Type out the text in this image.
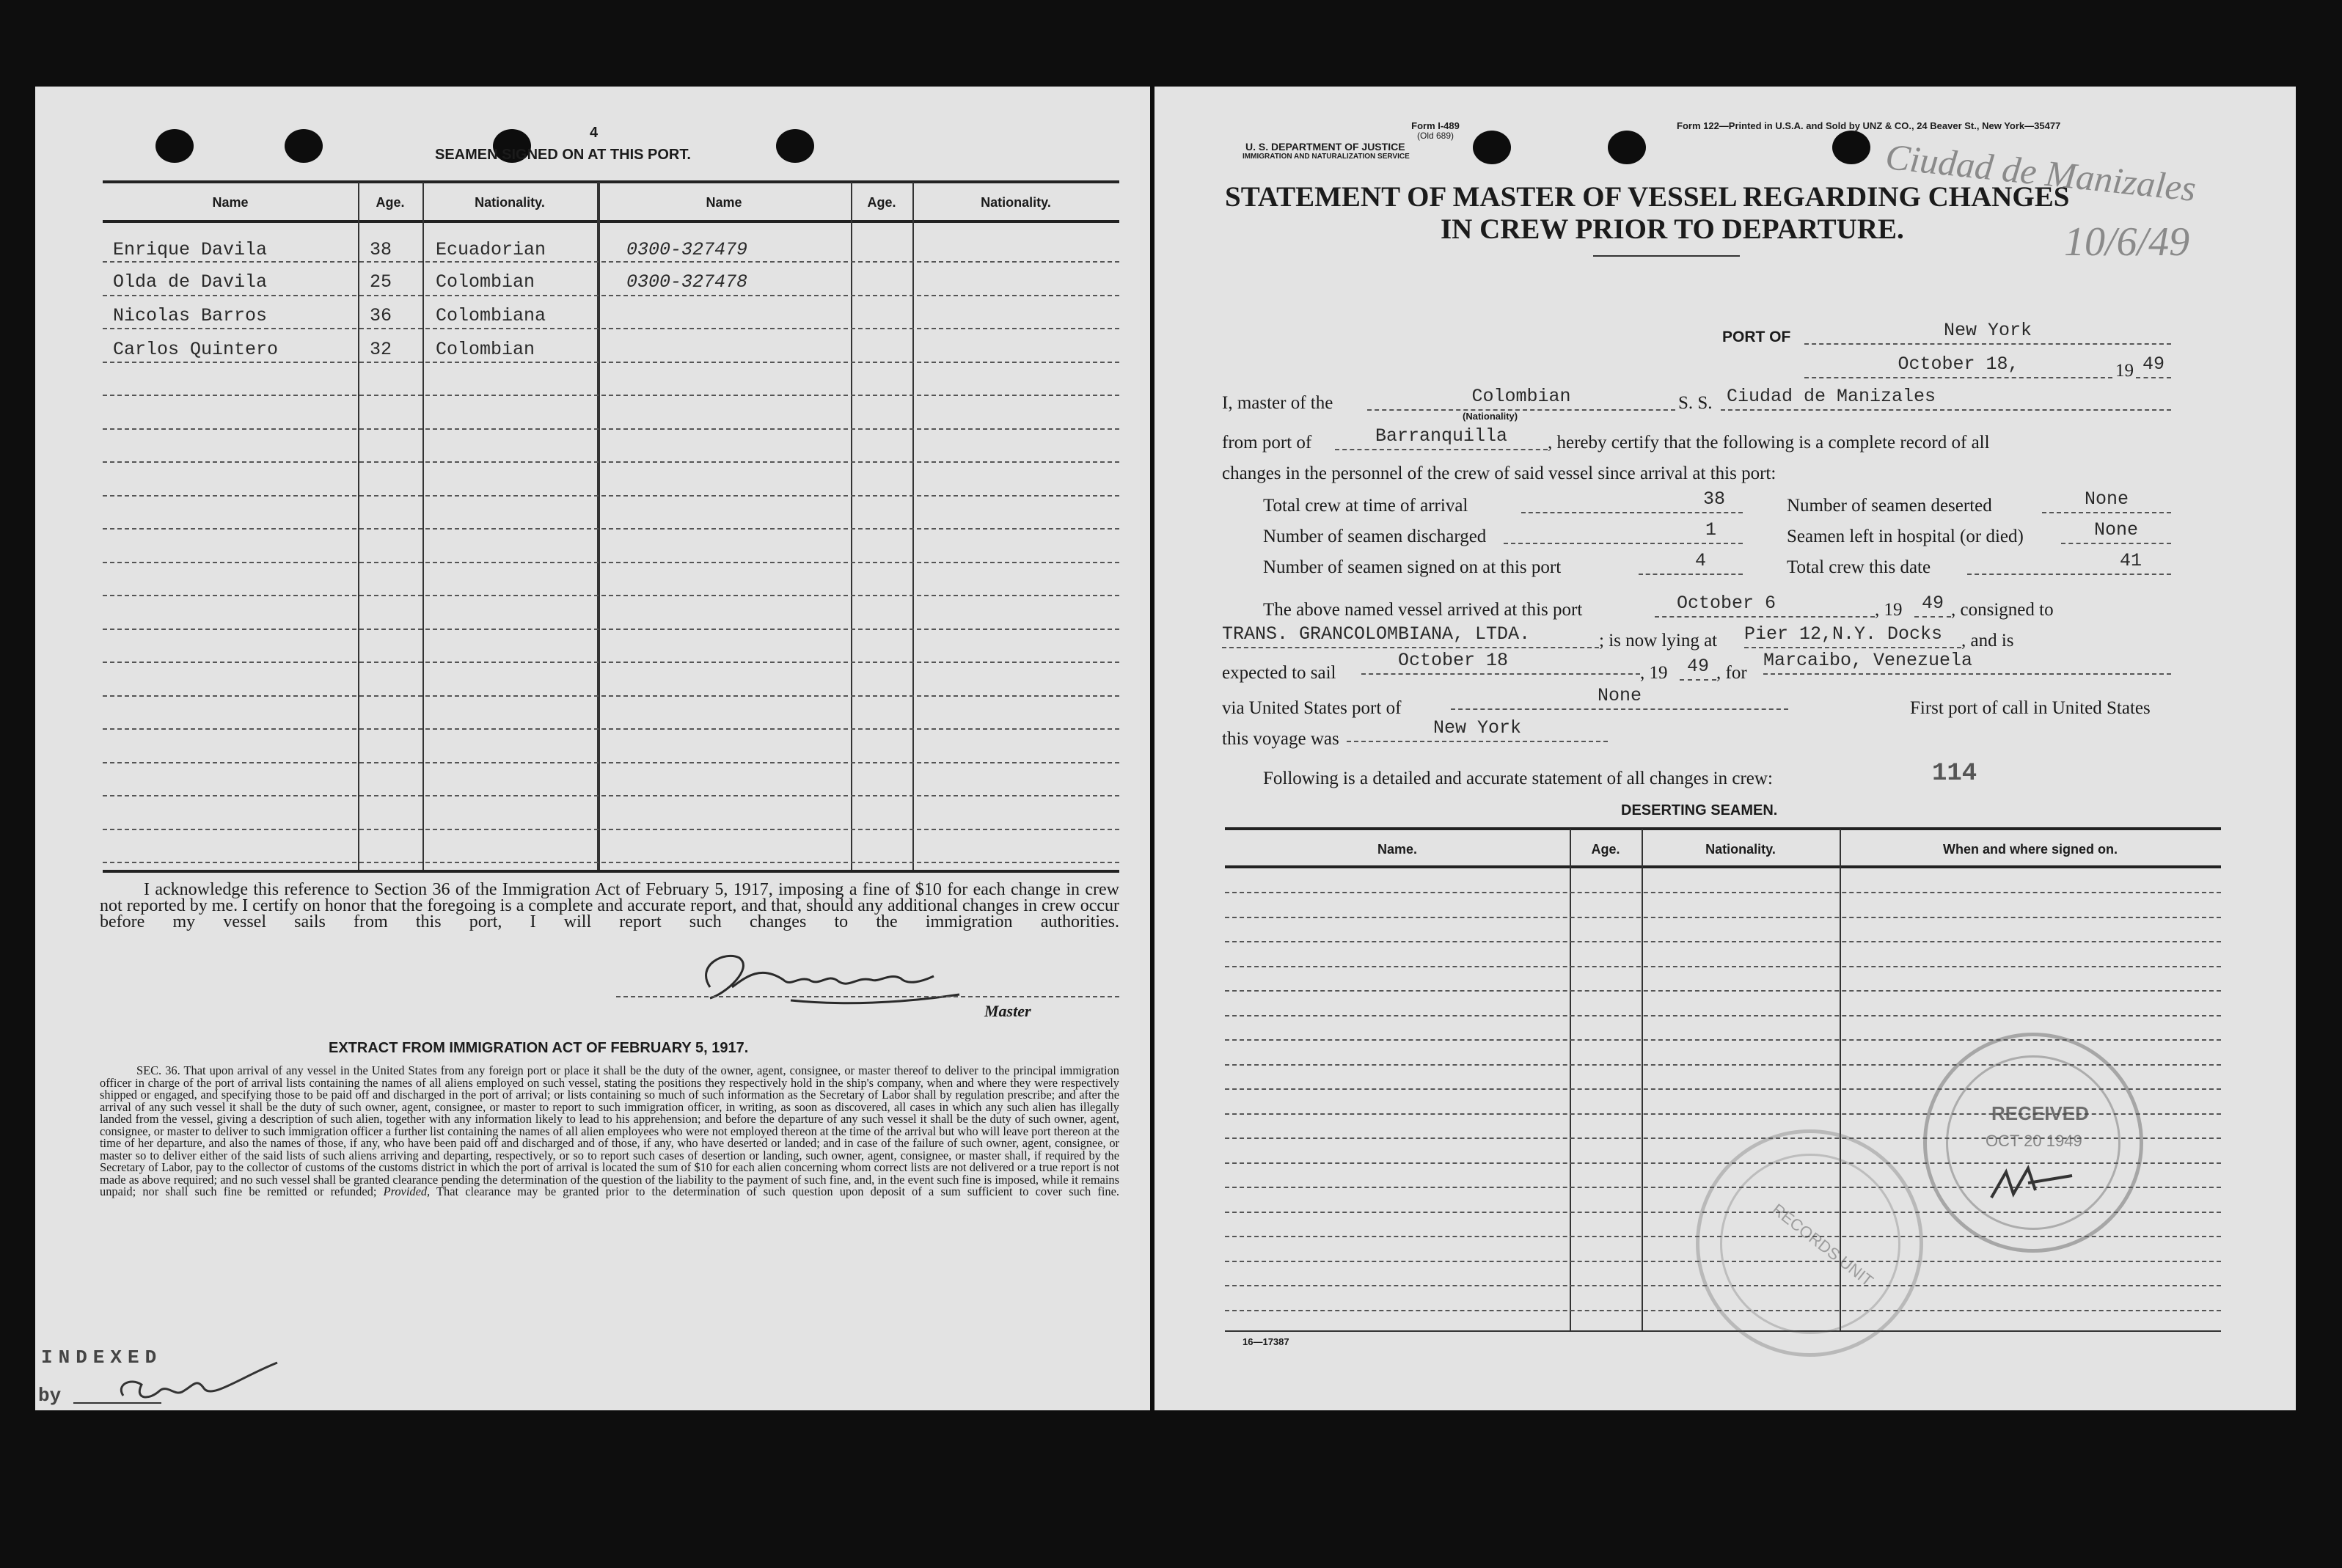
4
SEAMEN SIGNED ON AT THIS PORT.
Name	Age.	Nationality.	Name	Age.	Nationality.
Enrique Davila	38 Ecuadorian	0300-327479
Olda de Davila	25 Colombian	0300-327478
Nicolas Barros	36 Colombiana
Carlos Quintero	32 Colombian
I acknowledge this reference to Section 36 of the Immigration Act of February 5, 1917, imposing a fine of $10 for each change in crew not reported by me. I certify on honor that the foregoing is a complete and accurate report, and that, should any additional changes in crew occur before my vessel sails from this port, I will report such changes to the immigration authorities.
Master
EXTRACT FROM IMMIGRATION ACT OF FEBRUARY 5, 1917.
SEC. 36. That upon arrival of any vessel in the United States from any foreign port or place it shall be the duty of the owner, agent, consignee, or master thereof to deliver to the principal immigration officer in charge of the port of arrival lists containing the names of all aliens employed on such vessel, stating the positions they respectively hold in the ship's company, when and where they were respectively shipped or engaged, and specifying those to be paid off and discharged in the port of arrival; or lists containing so much of such information as the Secretary of Labor shall by regulation prescribe; and after the arrival of any such vessel it shall be the duty of such owner, agent, consignee, or master to report to such immigration officer, in writing, as soon as discovered, all cases in which any such alien has illegally landed from the vessel, giving a description of such alien, together with any information likely to lead to his apprehension; and before the departure of any such vessel it shall be the duty of such owner, agent, consignee, or master to deliver to such immigration officer a further list containing the names of all alien employees who were not employed thereon at the time of the arrival but who will leave port thereon at the time of her departure, and also the names of those, if any, who have been paid off and discharged and of those, if any, who have deserted or landed; and in case of the failure of such owner, agent, consignee, or master so to deliver either of the said lists of such aliens arriving and departing, respectively, or so to report such cases of desertion or landing, such owner, agent, consignee, or master shall, if required by the Secretary of Labor, pay to the collector of customs of the customs district in which the port of arrival is located the sum of $10 for each alien concerning whom correct lists are not delivered or a true report is not made as above required; and no such vessel shall be granted clearance pending the determination of the question of the liability to the payment of such fine, and, in the event such fine is imposed, while it remains unpaid; nor shall such fine be remitted or refunded; Provided, That clearance may be granted prior to the determination of such question upon deposit of a sum sufficient to cover such fine.
INDEXED
by
Form I-489
(Old 689)
U. S. DEPARTMENT OF JUSTICE
IMMIGRATION AND NATURALIZATION SERVICE
Form 122—Printed in U.S.A. and Sold by UNZ & CO., 24 Beaver St., New York—35477
Ciudad de Manizales
10/6/49
STATEMENT OF MASTER OF VESSEL REGARDING CHANGES
IN CREW PRIOR TO DEPARTURE.
PORT OF	New York
October 18,	19 49
I, master of the	Colombian
(Nationality)
S. S. Ciudad de Manizales
from port of	Barranquilla	, hereby certify that the following is a complete record of all
changes in the personnel of the crew of said vessel since arrival at this port:
Total crew at time of arrival	38
Number of seamen discharged	1
Number of seamen signed on at this port	4
Number of seamen deserted	None
Seamen left in hospital (or died)	None
Total crew this date	41
The above named vessel arrived at this port	October 6	, 19	49 , consigned to
TRANS. GRANCOLOMBIANA, LTDA.	; is now lying at Pier 12,N.Y. Docks	, and is
expected to sail
October 18
, 19	49 , for
Marcaibo, Venezuela
via United States port of
None
First port of call in United States
this voyage was
New York
Following is a detailed and accurate statement of all changes in crew:	114
DESERTING SEAMEN.
Name.	Age.	Nationality.	When and where signed on.
RECEIVED
OCT 20 1949
RECORDS UNIT
16—17387
